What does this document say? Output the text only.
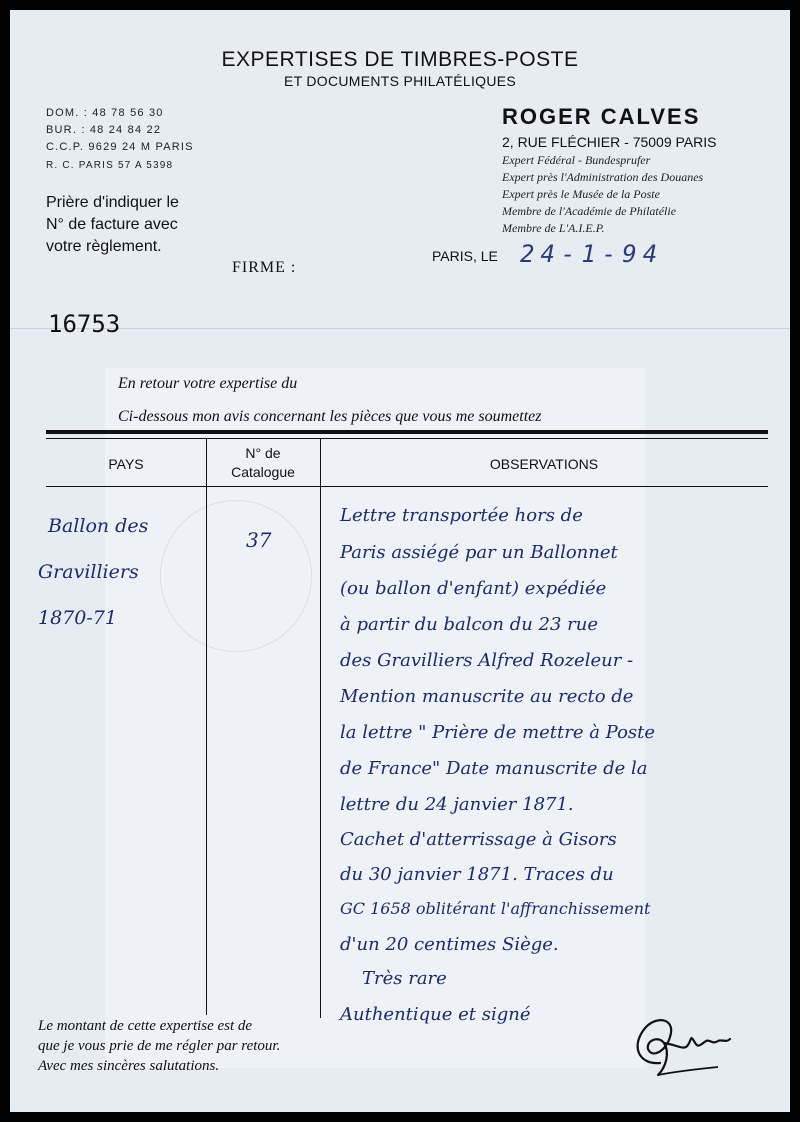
EXPERTISES DE TIMBRES-POSTE
ET DOCUMENTS PHILATÉLIQUES
DOM. : 48 78 56 30
BUR. : 48 24 84 22
C.C.P. 9629 24 M PARIS
R. C. PARIS 57 A 5398
Prière d'indiquer le
N° de facture avec
votre règlement.
ROGER CALVES
2, RUE FLÉCHIER - 75009 PARIS
Expert Fédéral - Bundesprufer
Expert près l'Administration des Douanes
Expert près le Musée de la Poste
Membre de l'Académie de Philatélie
Membre de L'A.I.E.P.
PARIS, LE 24-1-94
FIRME :
16753
En retour votre expertise du
Ci-dessous mon avis concernant les pièces que vous me soumettez
PAYS
N° de
Catalogue	OBSERVATIONS
Ballon des
Gravilliers
1870-71
37
Lettre transportée hors de
Paris assiégé par un Ballonnet
(ou ballon d'enfant) expédiée
à partir du balcon du 23 rue
des Gravilliers Alfred Rozeleur -
Mention manuscrite au recto de
la lettre " Prière de mettre à Poste
de France" Date manuscrite de la
lettre du 24 janvier 1871.
Cachet d'atterrissage à Gisors
du 30 janvier 1871. Traces du
GC 1658 oblitérant l'affranchissement
d'un 20 centimes Siège.
Très rare
Authentique et signé
Le montant de cette expertise est de
que je vous prie de me régler par retour.
Avec mes sincères salutations.
